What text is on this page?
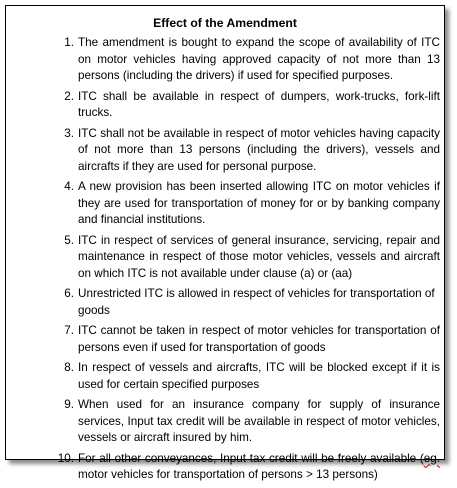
Effect of the Amendment
1. The amendment is bought to expand the scope of availability of ITC on motor vehicles having approved capacity of not more than 13 persons (including the drivers) if used for specified purposes.
2. ITC shall be available in respect of dumpers, work-trucks, fork-lift trucks.
3. ITC shall not be available in respect of motor vehicles having capacity of not more than 13 persons (including the drivers), vessels and aircrafts if they are used for personal purpose.
4. A new provision has been inserted allowing ITC on motor vehicles if they are used for transportation of money for or by banking company and financial institutions.
5. ITC in respect of services of general insurance, servicing, repair and maintenance in respect of those motor vehicles, vessels and aircraft on which ITC is not available under clause (a) or (aa)
6. Unrestricted ITC is allowed in respect of vehicles for transportation of goods
7. ITC cannot be taken in respect of motor vehicles for transportation of persons even if used for transportation of goods
8. In respect of vessels and aircrafts, ITC will be blocked except if it is used for certain specified purposes
9. When used for an insurance company for supply of insurance services, Input tax credit will be available in respect of motor vehicles, vessels or aircraft insured by him.
10. For all other conveyances, Input tax credit will be freely available (eg. motor vehicles for transportation of persons > 13 persons)
